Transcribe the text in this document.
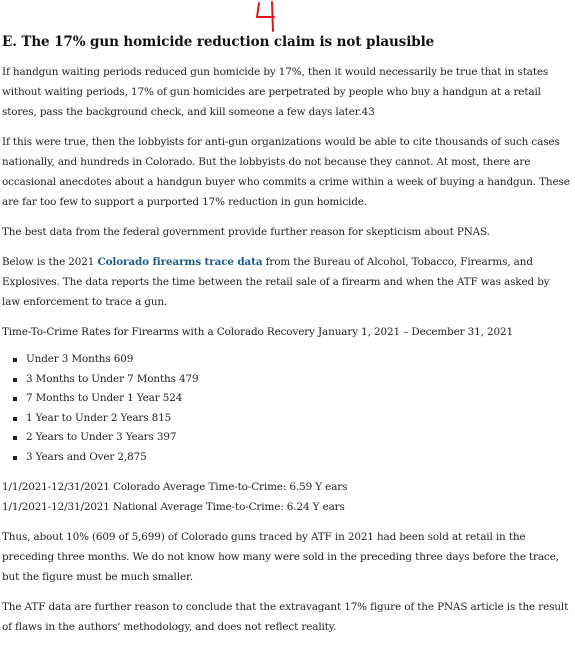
E. The 17% gun homicide reduction claim is not plausible

If handgun waiting periods reduced gun homicide by 17%, then it would necessarily be true that in states without waiting periods, 17% of gun homicides are perpetrated by people who buy a handgun at a retail stores, pass the background check, and kill someone a few days later.43

If this were true, then the lobbyists for anti-gun organizations would be able to cite thousands of such cases nationally, and hundreds in Colorado. But the lobbyists do not because they cannot. At most, there are occasional anecdotes about a handgun buyer who commits a crime within a week of buying a handgun. These are far too few to support a purported 17% reduction in gun homicide.

The best data from the federal government provide further reason for skepticism about PNAS.

Below is the 2021 Colorado firearms trace data from the Bureau of Alcohol, Tobacco, Firearms, and Explosives. The data reports the time between the retail sale of a firearm and when the ATF was asked by law enforcement to trace a gun.

Time-To-Crime Rates for Firearms with a Colorado Recovery January 1, 2021 – December 31, 2021

Under 3 Months 609
3 Months to Under 7 Months 479
7 Months to Under 1 Year 524
1 Year to Under 2 Years 815
2 Years to Under 3 Years 397
3 Years and Over 2,875

1/1/2021-12/31/2021 Colorado Average Time-to-Crime: 6.59 Y ears

1/1/2021-12/31/2021 National Average Time-to-Crime: 6.24 Y ears

Thus, about 10% (609 of 5,699) of Colorado guns traced by ATF in 2021 had been sold at retail in the preceding three months. We do not know how many were sold in the preceding three days before the trace, but the figure must be much smaller.

The ATF data are further reason to conclude that the extravagant 17% figure of the PNAS article is the result of flaws in the authors' methodology, and does not reflect reality.
